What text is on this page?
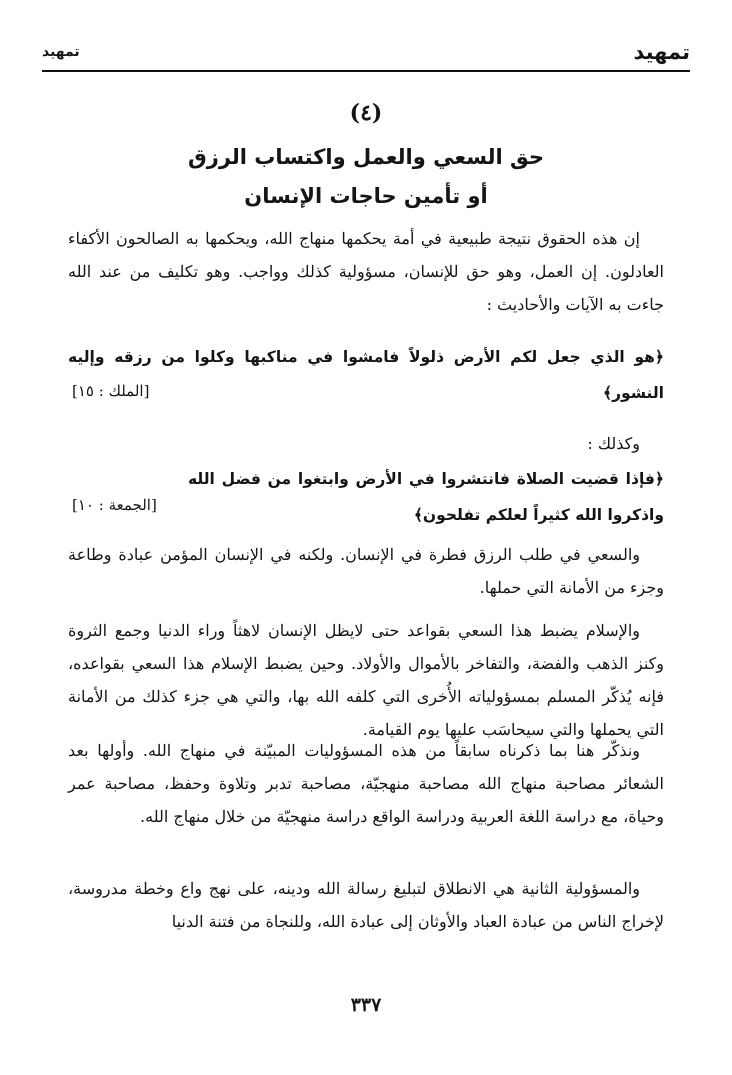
تمهيد
تمهيد
(٤)
حق السعي والعمل واكتساب الرزق
أو تأمين حاجات الإنسان

إن هذه الحقوق نتيجة طبيعية في أمة يحكمها منهاج الله، ويحكمها به الصالحون الأكفاء العادلون. إن العمل، وهو حق للإنسان، مسؤولية كذلك وواجب. وهو تكليف من عند الله جاءت به الآيات والأحاديث :

﴿هو الذي جعل لكم الأرض ذلولاً فامشوا في مناكبها وكلوا من رزقه وإليه النشور﴾

[الملك : ١٥]

وكذلك :

﴿فإذا قضيت الصلاة فانتشروا في الأرض وابتغوا من فضل الله واذكروا الله كثيراً لعلكم تفلحون﴾

[الجمعة : ١٠]

والسعي في طلب الرزق فطرة في الإنسان. ولكنه في الإنسان المؤمن عبادة وطاعة وجزء من الأمانة التي حملها.

والإسلام يضبط هذا السعي بقواعد حتى لايظل الإنسان لاهثاً وراء الدنيا وجمع الثروة وكنز الذهب والفضة، والتفاخر بالأموال والأولاد. وحين يضبط الإسلام هذا السعي بقواعده، فإنه يُذكّر المسلم بمسؤولياته الأُخرى التي كلفه الله بها، والتي هي جزء كذلك من الأمانة التي يحملها والتي سيحاسَب عليها يوم القيامة.

ونذكّر هنا بما ذكرناه سابقاً من هذه المسؤوليات المبيّنة في منهاج الله. وأولها بعد الشعائر مصاحبة منهاج الله مصاحبة منهجيّة، مصاحبة تدبر وتلاوة وحفظ، مصاحبة عمر وحياة، مع دراسة اللغة العربية ودراسة الواقع دراسة منهجيّة من خلال منهاج الله.

والمسؤولية الثانية هي الانطلاق لتبليغ رسالة الله ودينه، على نهج واع وخطة مدروسة، لإخراج الناس من عبادة العباد والأوثان إلى عبادة الله، وللنجاة من فتنة الدنيا

٣٣٧
